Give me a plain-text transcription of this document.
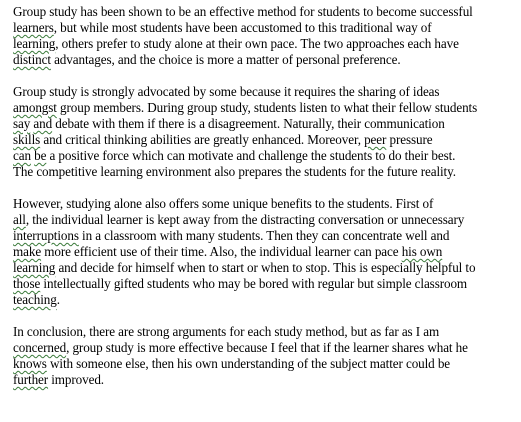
Group study has been shown to be an effective method for students to become successful
learners, but while most students have been accustomed to this traditional way of
learning, others prefer to study alone at their own pace. The two approaches each have
distinct advantages, and the choice is more a matter of personal preference.
Group study is strongly advocated by some because it requires the sharing of ideas
amongst group members. During group study, students listen to what their fellow students
say and debate with them if there is a disagreement. Naturally, their communication
skills and critical thinking abilities are greatly enhanced. Moreover, peer pressure
can be a positive force which can motivate and challenge the students to do their best.
The competitive learning environment also prepares the students for the future reality.
However, studying alone also offers some unique benefits to the students. First of
all, the individual learner is kept away from the distracting conversation or unnecessary
interruptions in a classroom with many students. Then they can concentrate well and
make more efficient use of their time. Also, the individual learner can pace his own
learning and decide for himself when to start or when to stop. This is especially helpful to
those intellectually gifted students who may be bored with regular but simple classroom
teaching.
In conclusion, there are strong arguments for each study method, but as far as I am
concerned, group study is more effective because I feel that if the learner shares what he
knows with someone else, then his own understanding of the subject matter could be
further improved.
